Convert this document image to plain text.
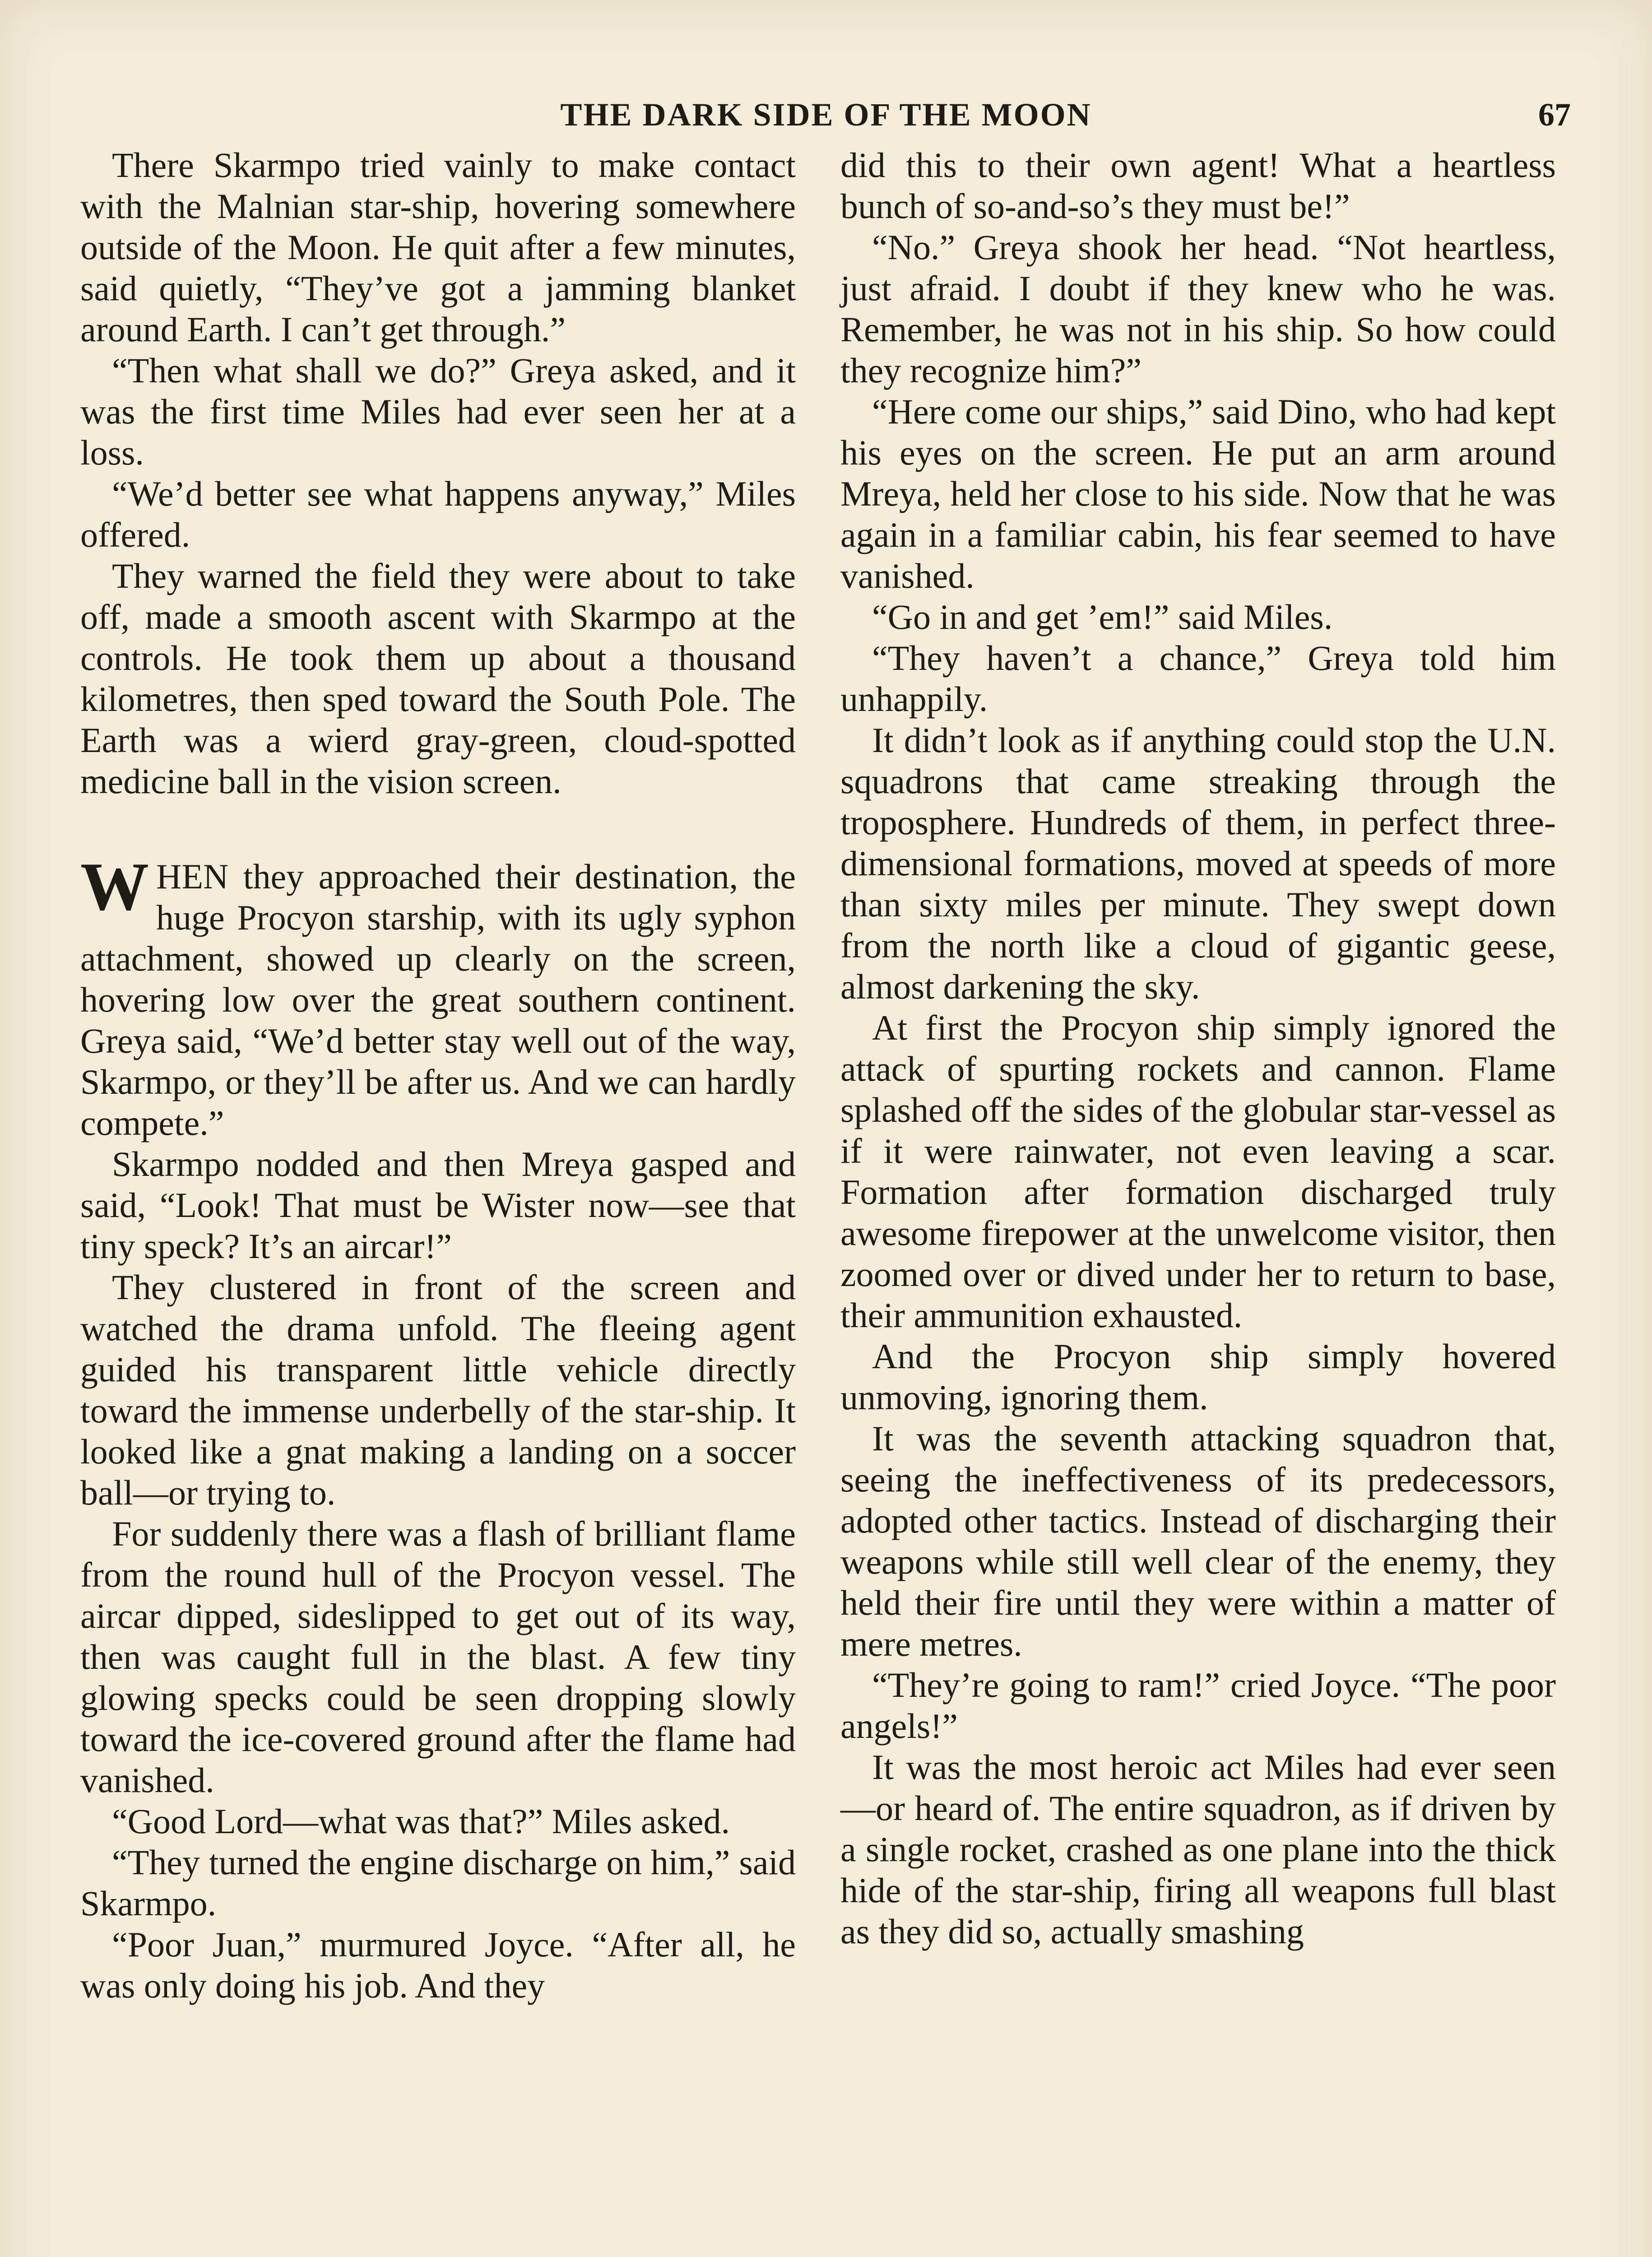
THE DARK SIDE OF THE MOON	67

There Skarmpo tried vainly to make contact with the Malnian star-ship, hovering somewhere outside of the Moon. He quit after a few minutes, said quietly, “They’ve got a jamming blanket around Earth. I can’t get through.”

“Then what shall we do?” Greya asked, and it was the first time Miles had ever seen her at a loss.

“We’d better see what happens anyway,” Miles offered.

They warned the field they were about to take off, made a smooth ascent with Skarmpo at the controls. He took them up about a thousand kilometres, then sped toward the South Pole. The Earth was a wierd gray-green, cloud-spotted medicine ball in the vision screen.

WHEN they approached their destination, the huge Procyon starship, with its ugly syphon attachment, showed up clearly on the screen, hovering low over the great southern continent. Greya said, “We’d better stay well out of the way, Skarmpo, or they’ll be after us. And we can hardly compete.”

Skarmpo nodded and then Mreya gasped and said, “Look! That must be Wister now—see that tiny speck? It’s an aircar!”

They clustered in front of the screen and watched the drama unfold. The fleeing agent guided his transparent little vehicle directly toward the immense underbelly of the star-ship. It looked like a gnat making a landing on a soccer ball—or trying to.

For suddenly there was a flash of brilliant flame from the round hull of the Procyon vessel. The aircar dipped, sideslipped to get out of its way, then was caught full in the blast. A few tiny glowing specks could be seen dropping slowly toward the ice-covered ground after the flame had vanished.

“Good Lord—what was that?” Miles asked.

“They turned the engine discharge on him,” said Skarmpo.

“Poor Juan,” murmured Joyce. “After all, he was only doing his job. And they

did this to their own agent! What a heartless bunch of so-and-so’s they must be!”

“No.” Greya shook her head. “Not heartless, just afraid. I doubt if they knew who he was. Remember, he was not in his ship. So how could they recognize him?”

“Here come our ships,” said Dino, who had kept his eyes on the screen. He put an arm around Mreya, held her close to his side. Now that he was again in a familiar cabin, his fear seemed to have vanished.

“Go in and get ’em!” said Miles.

“They haven’t a chance,” Greya told him unhappily.

It didn’t look as if anything could stop the U.N. squadrons that came streaking through the troposphere. Hundreds of them, in perfect three-dimensional formations, moved at speeds of more than sixty miles per minute. They swept down from the north like a cloud of gigantic geese, almost darkening the sky.

At first the Procyon ship simply ignored the attack of spurting rockets and cannon. Flame splashed off the sides of the globular star-vessel as if it were rainwater, not even leaving a scar. Formation after formation discharged truly awesome firepower at the unwelcome visitor, then zoomed over or dived under her to return to base, their ammunition exhausted.

And the Procyon ship simply hovered unmoving, ignoring them.

It was the seventh attacking squadron that, seeing the ineffectiveness of its predecessors, adopted other tactics. Instead of discharging their weapons while still well clear of the enemy, they held their fire until they were within a matter of mere metres.

“They’re going to ram!” cried Joyce. “The poor angels!”

It was the most heroic act Miles had ever seen—or heard of. The entire squadron, as if driven by a single rocket, crashed as one plane into the thick hide of the star-ship, firing all weapons full blast as they did so, actually smashing
